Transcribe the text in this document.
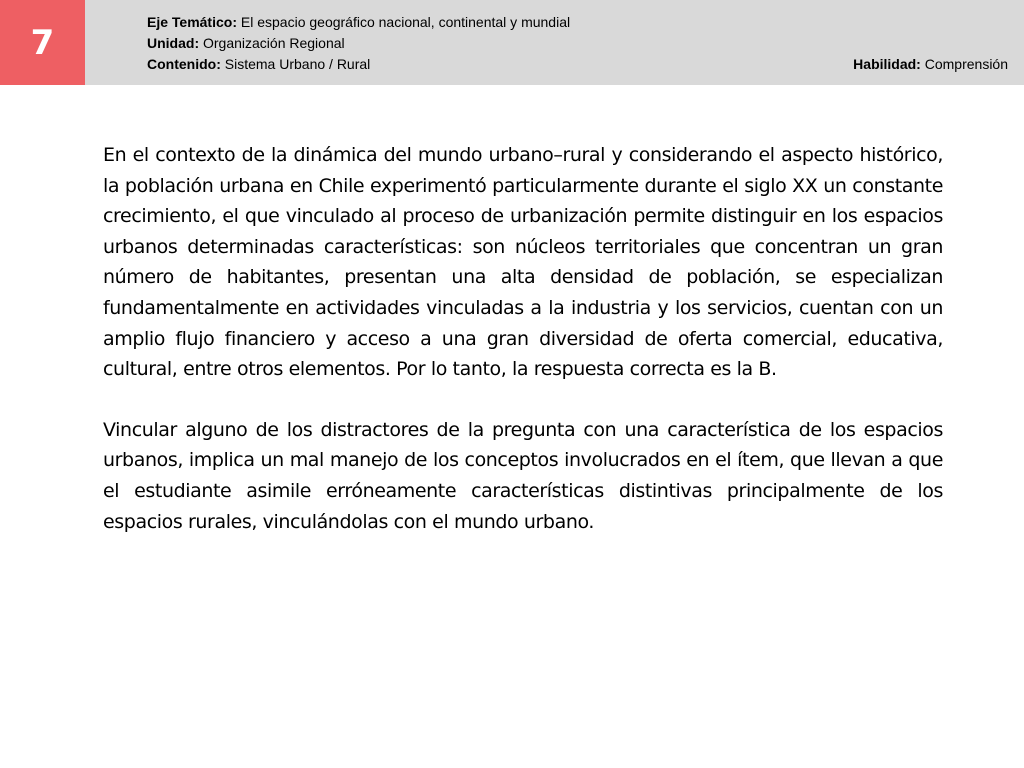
7
Eje Temático: El espacio geográfico nacional, continental y mundial
Unidad: Organización Regional
Contenido: Sistema Urbano / Rural	Habilidad: Comprensión

En el contexto de la dinámica del mundo urbano–rural y considerando el aspecto histórico, la población urbana en Chile experimentó particularmente durante el siglo XX un constante crecimiento, el que vinculado al proceso de urbanización permite distinguir en los espacios urbanos determinadas características: son núcleos territoriales que concentran un gran número de habitantes, presentan una alta densidad de población, se especializan fundamentalmente en actividades vinculadas a la industria y los servicios, cuentan con un amplio flujo financiero y acceso a una gran diversidad de oferta comercial, educativa, cultural, entre otros elementos. Por lo tanto, la respuesta correcta es la B.

Vincular alguno de los distractores de la pregunta con una característica de los espacios urbanos, implica un mal manejo de los conceptos involucrados en el ítem, que llevan a que el estudiante asimile erróneamente características distintivas principalmente de los espacios rurales, vinculándolas con el mundo urbano.
